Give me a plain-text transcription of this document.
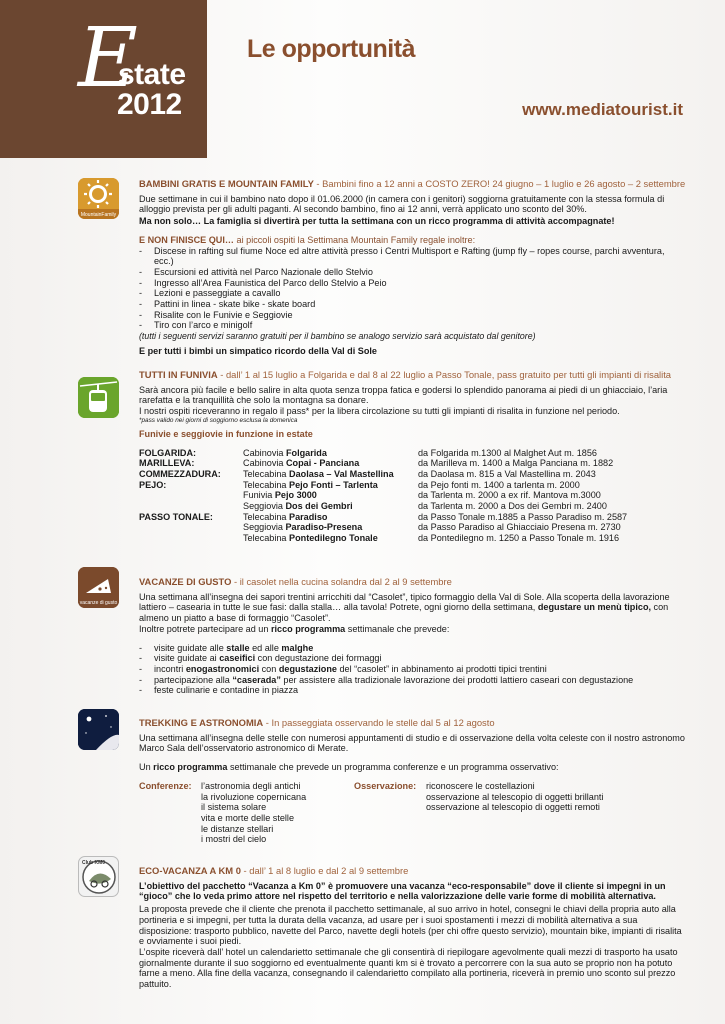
E
state
2012
Le opportunità
www.mediatourist.it
MountainFamily
vacanze di gusto
Club KM0

BAMBINI GRATIS E MOUNTAIN FAMILY - Bambini fino a 12 anni a COSTO ZERO! 24 giugno – 1 luglio e 26 agosto – 2 settembre

Due settimane in cui il bambino nato dopo il 01.06.2000 (in camera con i genitori) soggiorna gratuitamente con la stessa formula di alloggio prevista per gli adulti paganti. Al secondo bambino, fino ai 12 anni, verrà applicato uno sconto del 30%.

Ma non solo… La famiglia si divertirà per tutta la settimana con un ricco programma di attività accompagnate!

E NON FINISCE QUI… ai piccoli ospiti la Settimana Mountain Family regale inoltre:

- Discese in rafting sul fiume Noce ed altre attività presso i Centri Multisport e Rafting (jump fly – ropes course, parchi avventura, ecc.)
- Escursioni ed attività nel Parco Nazionale dello Stelvio
- Ingresso all’Area Faunistica del Parco dello Stelvio a Peio
- Lezioni e passeggiate a cavallo
- Pattini in linea - skate bike - skate board
- Risalite con le Funivie e Seggiovie
- Tiro con l’arco e minigolf

(tutti i seguenti servizi saranno gratuiti per il bambino se analogo servizio sarà acquistato dal genitore)

E per tutti i bimbi un simpatico ricordo della Val di Sole

TUTTI IN FUNIVIA - dall’ 1 al 15 luglio a Folgarida e dal 8 al 22 luglio a Passo Tonale, pass gratuito per tutti gli impianti di risalita

Sarà ancora più facile e bello salire in alta quota senza troppa fatica e godersi lo splendido panorama ai piedi di un ghiacciaio, l’aria rarefatta e la tranquillità che solo la montagna sa donare.

I nostri ospiti riceveranno in regalo il pass* per la libera circolazione su tutti gli impianti di risalita in funzione nel periodo.

*pass valido nei giorni di soggiorno esclusa la domenica

Funivie e seggiovie in funzione in estate

FOLGARIDA:	Cabinovia Folgarida	da Folgarida m.1300 al Malghet Aut m. 1856
MARILLEVA:	Cabinovia Copai - Panciana	da Marilleva m. 1400 a Malga Panciana m. 1882
COMMEZZADURA:	Telecabina Daolasa – Val Mastellina	da Daolasa m. 815 a Val Mastellina m. 2043
PEJO:	Telecabina Pejo Fonti – Tarlenta	da Pejo fonti m. 1400 a tarlenta m. 2000
	Funivia Pejo 3000	da Tarlenta m. 2000 a ex rif. Mantova m.3000
	Seggiovia Dos dei Gembri	da Tarlenta m. 2000 a Dos dei Gembri m. 2400
PASSO TONALE:	Telecabina Paradiso	da Passo Tonale m.1885 a Passo Paradiso m. 2587
	Seggiovia Paradiso-Presena	da Passo Paradiso al Ghiacciaio Presena m. 2730
	Telecabina Pontedilegno Tonale	da Pontedilegno m. 1250 a Passo Tonale m. 1916

VACANZE DI GUSTO - il casolet nella cucina solandra dal 2 al 9 settembre

Una settimana all’insegna dei sapori trentini arricchiti dal “Casolet”, tipico formaggio della Val di Sole. Alla scoperta della lavorazione lattiero – casearia in tutte le sue fasi: dalla stalla… alla tavola! Potrete, ogni giorno della settimana, degustare un menù tipico, con almeno un piatto a base di formaggio “Casolet”.

Inoltre potrete partecipare ad un ricco programma settimanale che prevede:

- visite guidate alle stalle ed alle malghe
- visite guidate ai caseifici con degustazione dei formaggi
- incontri enogastronomici con degustazione del “casolet” in abbinamento ai prodotti tipici trentini
- partecipazione alla “caserada” per assistere alla tradizionale lavorazione dei prodotti lattiero caseari con degustazione
- feste culinarie e contadine in piazza

TREKKING E ASTRONOMIA - In passeggiata osservando le stelle dal 5 al 12 agosto

Una settimana all’insegna delle stelle con numerosi appuntamenti di studio e di osservazione della volta celeste con il nostro astronomo Marco Sala dell’osservatorio astronomico di Merate.

Un ricco programma settimanale che prevede un programma conferenze e un programma osservativo:

Conferenze:	l’astronomia degli antichi
la rivoluzione copernicana
il sistema solare
vita e morte delle stelle
le distanze stellari
i mostri del cielo
	Osservazione:	riconoscere le costellazioni
osservazione al telescopio di oggetti brillanti
osservazione al telescopio di oggetti remoti

ECO-VACANZA A KM 0 - dall’ 1 al 8 luglio e dal 2 al 9 settembre

L’obiettivo del pacchetto “Vacanza a Km 0” è promuovere una vacanza “eco-responsabile” dove il cliente si impegni in un “gioco” che lo veda primo attore nel rispetto del territorio e nella valorizzazione delle varie forme di mobilità alternativa.

La proposta prevede che il cliente che prenota il pacchetto settimanale, al suo arrivo in hotel, consegni le chiavi della propria auto alla portineria e si impegni, per tutta la durata della vacanza, ad usare per i suoi spostamenti i mezzi di mobilità alternativa a sua disposizione: trasporto pubblico, navette del Parco, navette degli hotels (per chi offre questo servizio), mountain bike, impianti di risalita e ovviamente i suoi piedi.

L’ospite riceverà dall’ hotel un calendarietto settimanale che gli consentirà di riepilogare agevolmente quali mezzi di trasporto ha usato giornalmente durante il suo soggiorno ed eventualmente quanti km si è trovato a percorrere con la sua auto se proprio non ha potuto farne a meno. Alla fine della vacanza, consegnando il calendarietto compilato alla portineria, riceverà in premio uno sconto sul prezzo pattuito.
